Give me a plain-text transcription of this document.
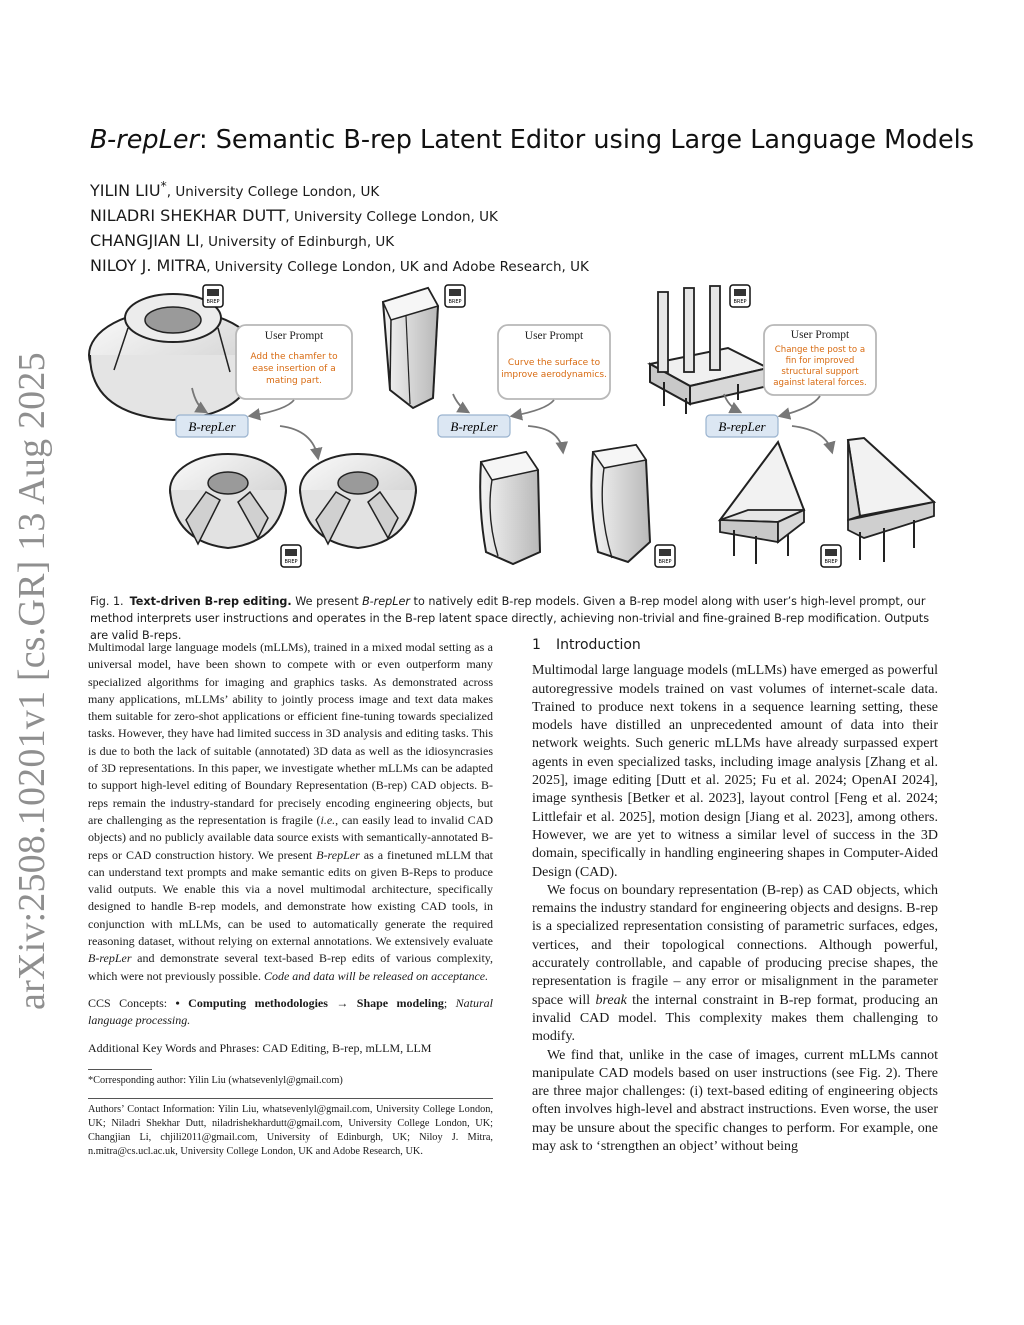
arXiv:2508.10201v1 [cs.GR] 13 Aug 2025
B-repLer: Semantic B-rep Latent Editor using Large Language Models
YILIN LIU*, University College London, UK
NILADRI SHEKHAR DUTT, University College London, UK
CHANGJIAN LI, University of Edinburgh, UK
NILOY J. MITRA, University College London, UK and Adobe Research, UK
BREP
User Prompt
Add the chamfer to
ease insertion of a
mating part.
B-repLer
BREP
BREP
User Prompt
Curve the surface to
improve aerodynamics.
B-repLer
BREP
BREP
User Prompt
Change the post to a
fin for improved
structural support
against lateral forces.
B-repLer
BREP
Fig. 1. Text-driven B-rep editing. We present B-repLer to natively edit B-rep models. Given a B-rep model along with user’s high-level prompt, our method interprets user instructions and operates in the B-rep latent space directly, achieving non-trivial and fine-grained B-rep modification. Outputs are valid B-reps.

Multimodal large language models (mLLMs), trained in a mixed modal setting as a universal model, have been shown to compete with or even outperform many specialized algorithms for imaging and graphics tasks. As demonstrated across many applications, mLLMs’ ability to jointly process image and text data makes them suitable for zero-shot applications or efficient fine-tuning towards specialized tasks. However, they have had limited success in 3D analysis and editing tasks. This is due to both the lack of suitable (annotated) 3D data as well as the idiosyncrasies of 3D representations. In this paper, we investigate whether mLLMs can be adapted to support high-level editing of Boundary Representation (B-rep) CAD objects. B-reps remain the industry-standard for precisely encoding engineering objects, but are challenging as the representation is fragile (i.e., can easily lead to invalid CAD objects) and no publicly available data source exists with semantically-annotated B-reps or CAD construction history. We present B-repLer as a finetuned mLLM that can understand text prompts and make semantic edits on given B-Reps to produce valid outputs. We enable this via a novel multimodal architecture, specifically designed to handle B-rep models, and demonstrate how existing CAD tools, in conjunction with mLLMs, can be used to automatically generate the required reasoning dataset, without relying on external annotations. We extensively evaluate B-repLer and demonstrate several text-based B-rep edits of various complexity, which were not previously possible. Code and data will be released on acceptance.

CCS Concepts: • Computing methodologies → Shape modeling; Natural language processing.

Additional Key Words and Phrases: CAD Editing, B-rep, mLLM, LLM

*Corresponding author: Yilin Liu (whatsevenlyl@gmail.com)

Authors’ Contact Information: Yilin Liu, whatsevenlyl@gmail.com, University College London, UK; Niladri Shekhar Dutt, niladrishekhardutt@gmail.com, University College London, UK; Changjian Li, chjili2011@gmail.com, University of Edinburgh, UK; Niloy J. Mitra, n.mitra@cs.ucl.ac.uk, University College London, UK and Adobe Research, UK.

1 Introduction

Multimodal large language models (mLLMs) have emerged as powerful autoregressive models trained on vast volumes of internet-scale data. Trained to produce next tokens in a sequence learning setting, these models have distilled an unprecedented amount of data into their network weights. Such generic mLLMs have already surpassed expert agents in even specialized tasks, including image analysis [Zhang et al. 2025], image editing [Dutt et al. 2025; Fu et al. 2024; OpenAI 2024], image synthesis [Betker et al. 2023], layout control [Feng et al. 2024; Littlefair et al. 2025], motion design [Jiang et al. 2023], among others. However, we are yet to witness a similar level of success in the 3D domain, specifically in handling engineering shapes in Computer-Aided Design (CAD).

We focus on boundary representation (B-rep) as CAD objects, which remains the industry standard for engineering objects and designs. B-rep is a specialized representation consisting of parametric surfaces, edges, vertices, and their topological connections. Although powerful, accurately controllable, and capable of producing precise shapes, the representation is fragile – any error or misalignment in the parameter space will break the internal constraint in B-rep format, producing an invalid CAD model. This complexity makes them challenging to modify.

We find that, unlike in the case of images, current mLLMs cannot manipulate CAD models based on user instructions (see Fig. 2). There are three major challenges: (i) text-based editing of engineering objects often involves high-level and abstract instructions. Even worse, the user may be unsure about the specific changes to perform. For example, one may ask to ‘strengthen an object’ without being
